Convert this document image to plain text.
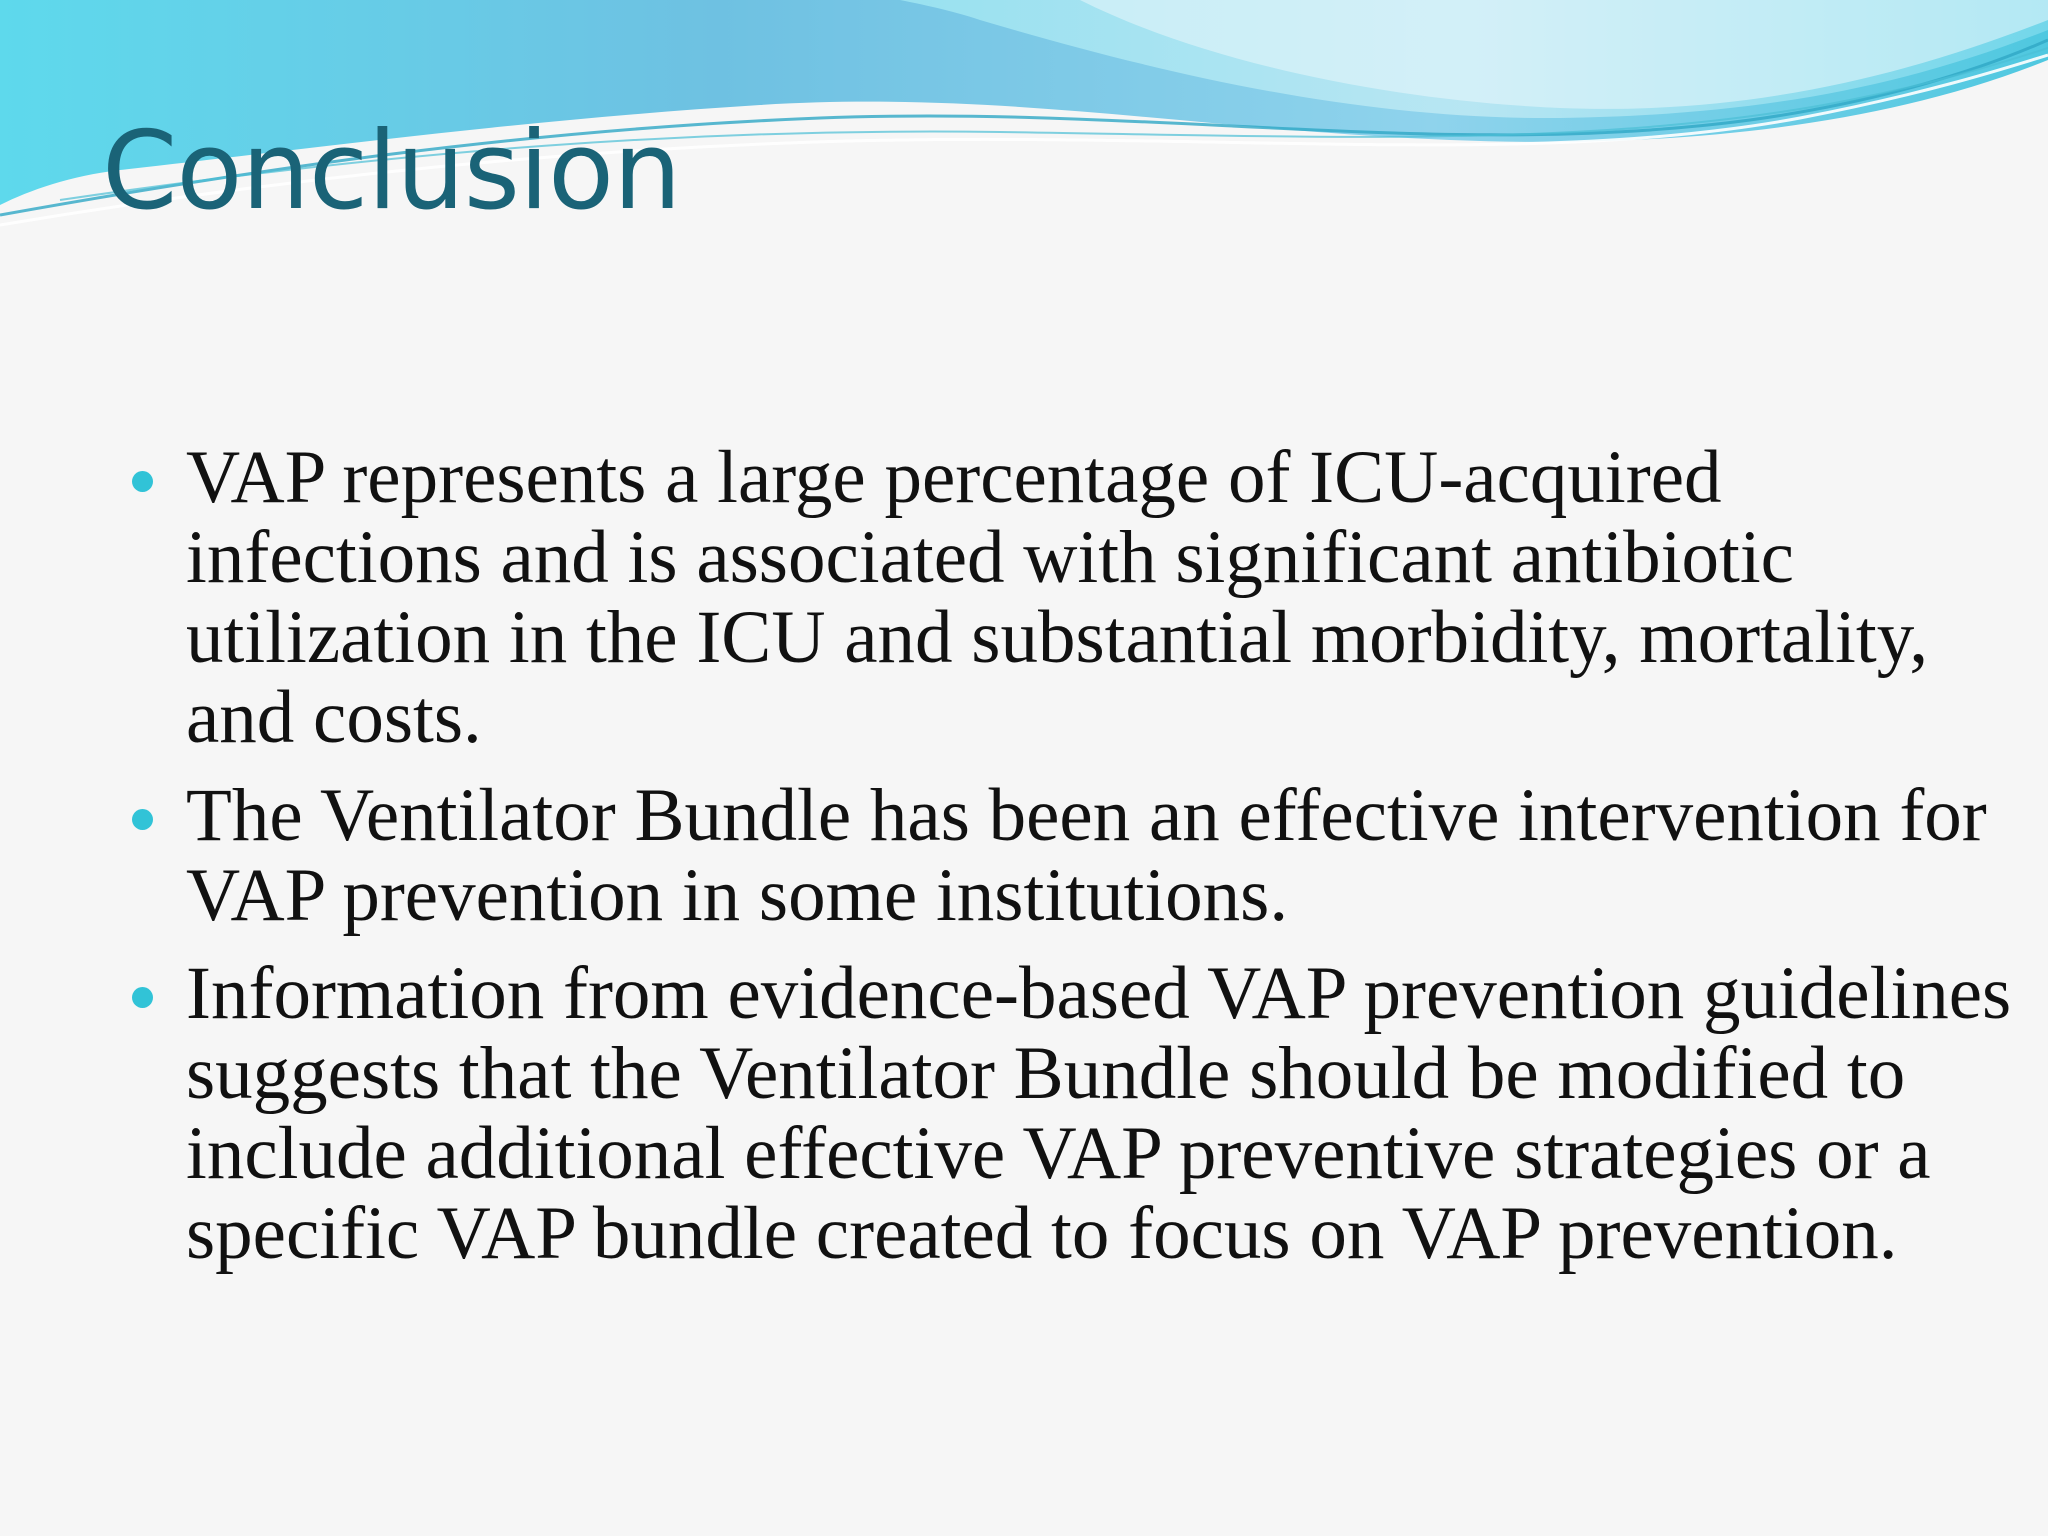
Conclusion
VAP represents a large percentage of ICU-acquired infections and is associated with significant antibiotic utilization in the ICU and substantial morbidity, mortality, and costs.
The Ventilator Bundle has been an effective intervention for VAP prevention in some institutions.
Information from evidence-based VAP prevention guidelines suggests that the Ventilator Bundle should be modified to include additional effective VAP preventive strategies or a specific VAP bundle created to focus on VAP prevention.
